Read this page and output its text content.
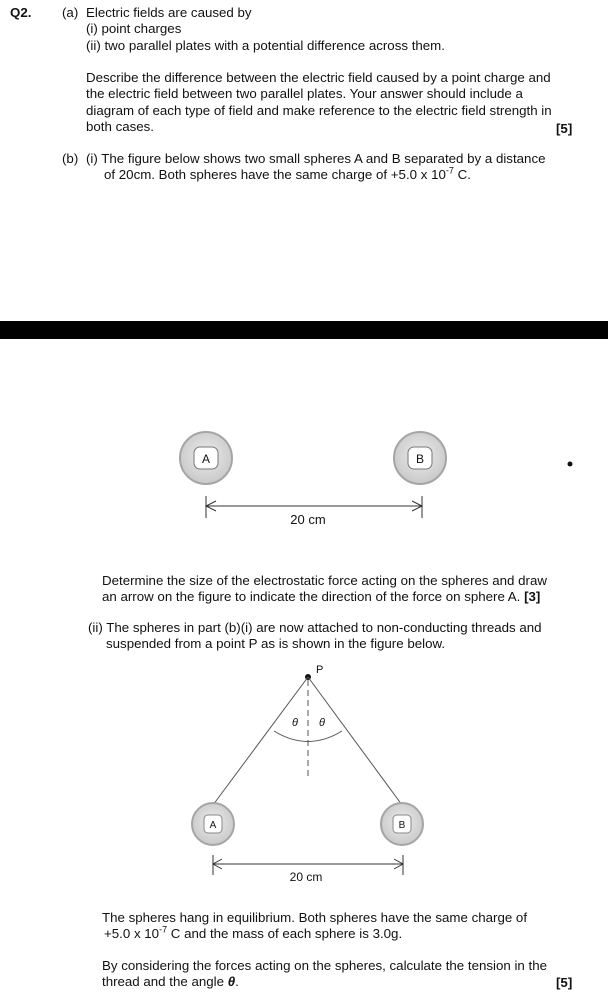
Q2. (a) Electric fields are caused by
(i) point charges
(ii) two parallel plates with a potential difference across them.
Describe the difference between the electric field caused by a point charge and
the electric field between two parallel plates. Your answer should include a
diagram of each type of field and make reference to the electric field strength in
both cases.	[5]
(b) (i) The figure below shows two small spheres A and B separated by a distance
of 20cm. Both spheres have the same charge of +5.0 x $10^{-7}$ C.
A	B
20 cm
P
θ θ
A	B
20 cm
Determine the size of the electrostatic force acting on the spheres and draw
an arrow on the figure to indicate the direction of the force on sphere A. [3]
(ii) The spheres in part (b)(i) are now attached to non-conducting threads and
suspended from a point P as is shown in the figure below.
The spheres hang in equilibrium. Both spheres have the same charge of
+5.0 x $10^{-7}$ C and the mass of each sphere is 3.0g.
By considering the forces acting on the spheres, calculate the tension in the
thread and the angle θ.	[5]
